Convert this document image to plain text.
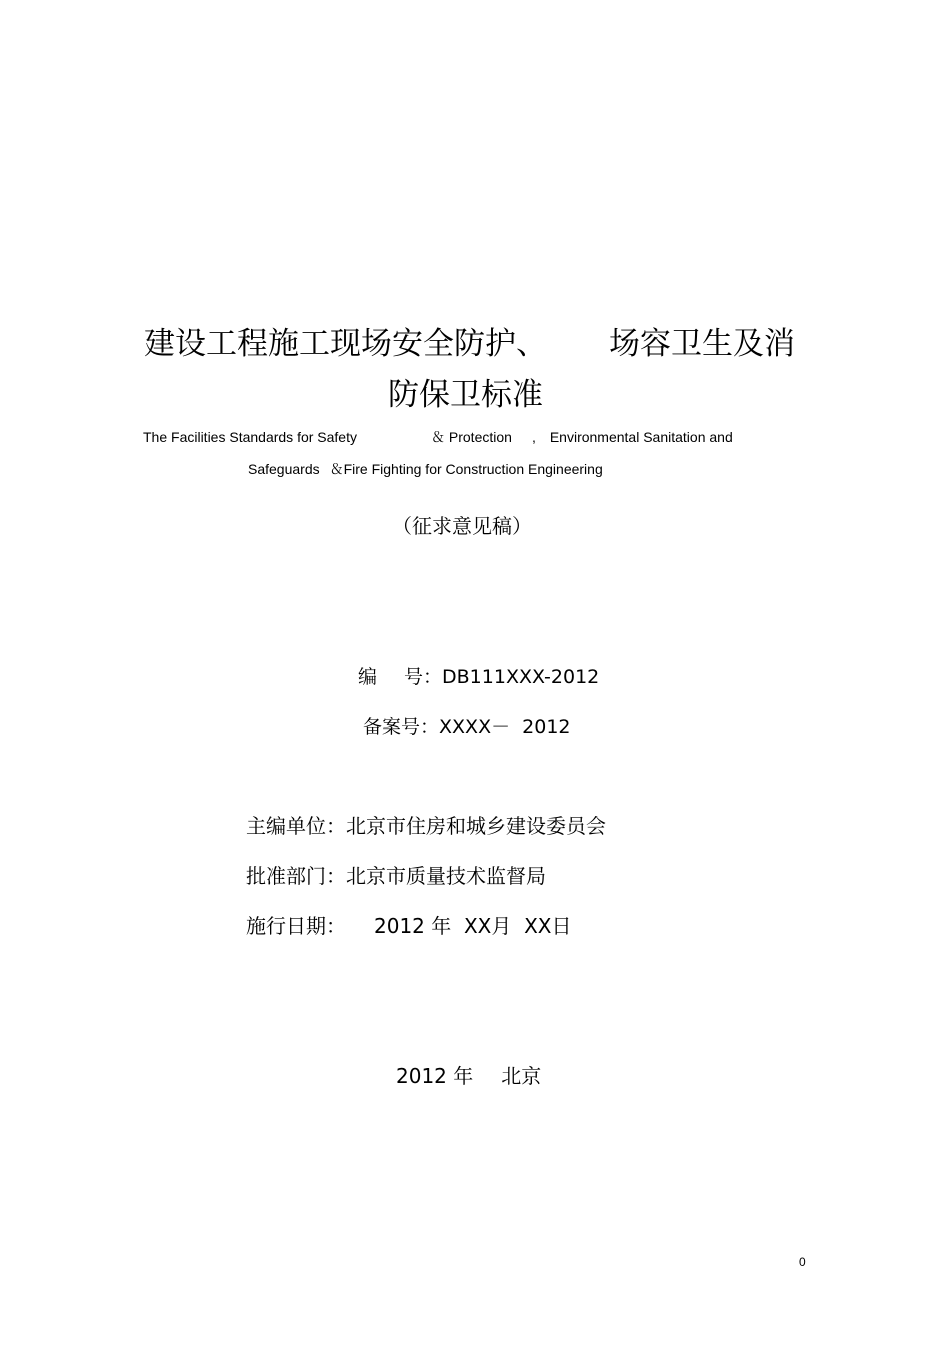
建设工程施工现场安全防护、 场容卫生及消
防保卫标准
The Facilities Standards for Safety	＆ Protection , Environmental Sanitation and
Safeguards ＆Fire Fighting for Construction Engineering
（征求意见稿）
编 号：DB111XXX-2012
备案号：XXXX－  2012
主编单位：北京市住房和城乡建设委员会
批准部门：北京市质量技术监督局
施行日期： 2012 年  XX月  XX日
2012 年 北京
0
